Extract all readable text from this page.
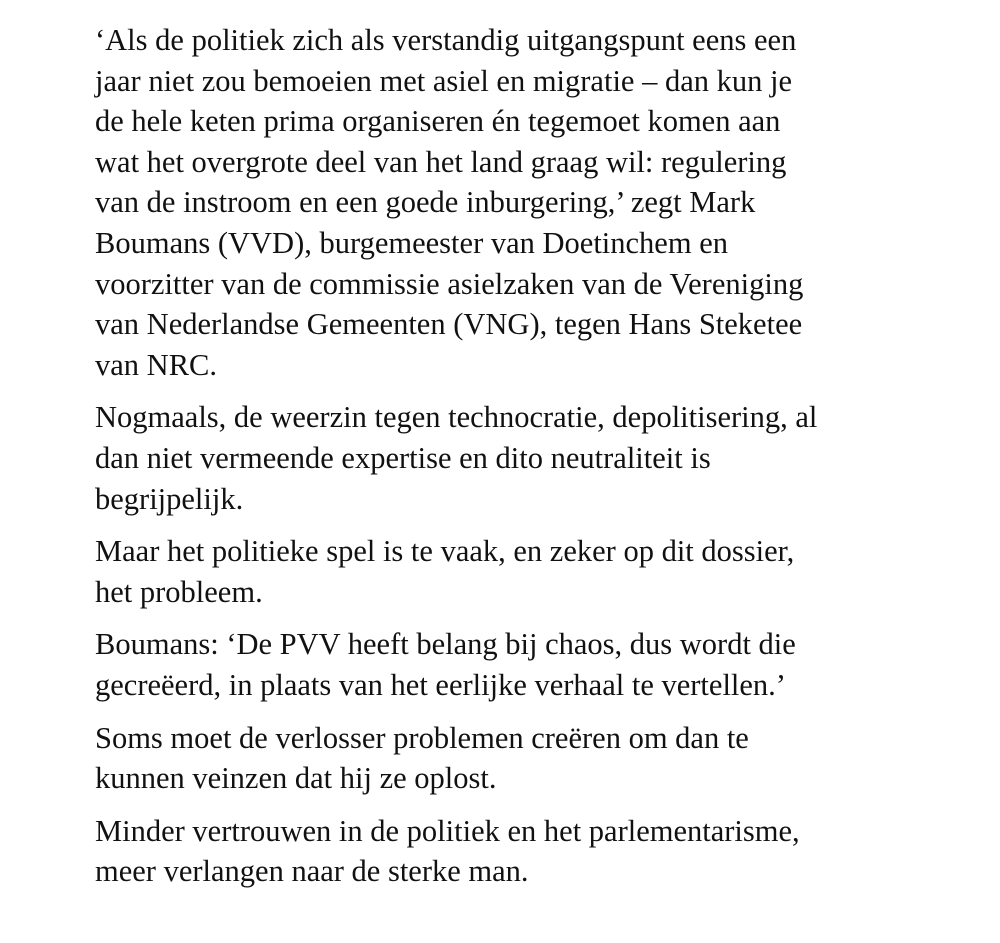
‘Als de politiek zich als verstandig uitgangspunt eens een
jaar niet zou bemoeien met asiel en migratie – dan kun je
de hele keten prima organiseren én tegemoet komen aan
wat het overgrote deel van het land graag wil: regulering
van de instroom en een goede inburgering,’ zegt Mark
Boumans (VVD), burgemeester van Doetinchem en
voorzitter van de commissie asielzaken van de Vereniging
van Nederlandse Gemeenten (VNG), tegen Hans Steketee
van NRC.

Nogmaals, de weerzin tegen technocratie, depolitisering, al
dan niet vermeende expertise en dito neutraliteit is
begrijpelijk.

Maar het politieke spel is te vaak, en zeker op dit dossier,
het probleem.

Boumans: ‘De PVV heeft belang bij chaos, dus wordt die
gecreëerd, in plaats van het eerlijke verhaal te vertellen.’

Soms moet de verlosser problemen creëren om dan te
kunnen veinzen dat hij ze oplost.

Minder vertrouwen in de politiek en het parlementarisme,
meer verlangen naar de sterke man.
